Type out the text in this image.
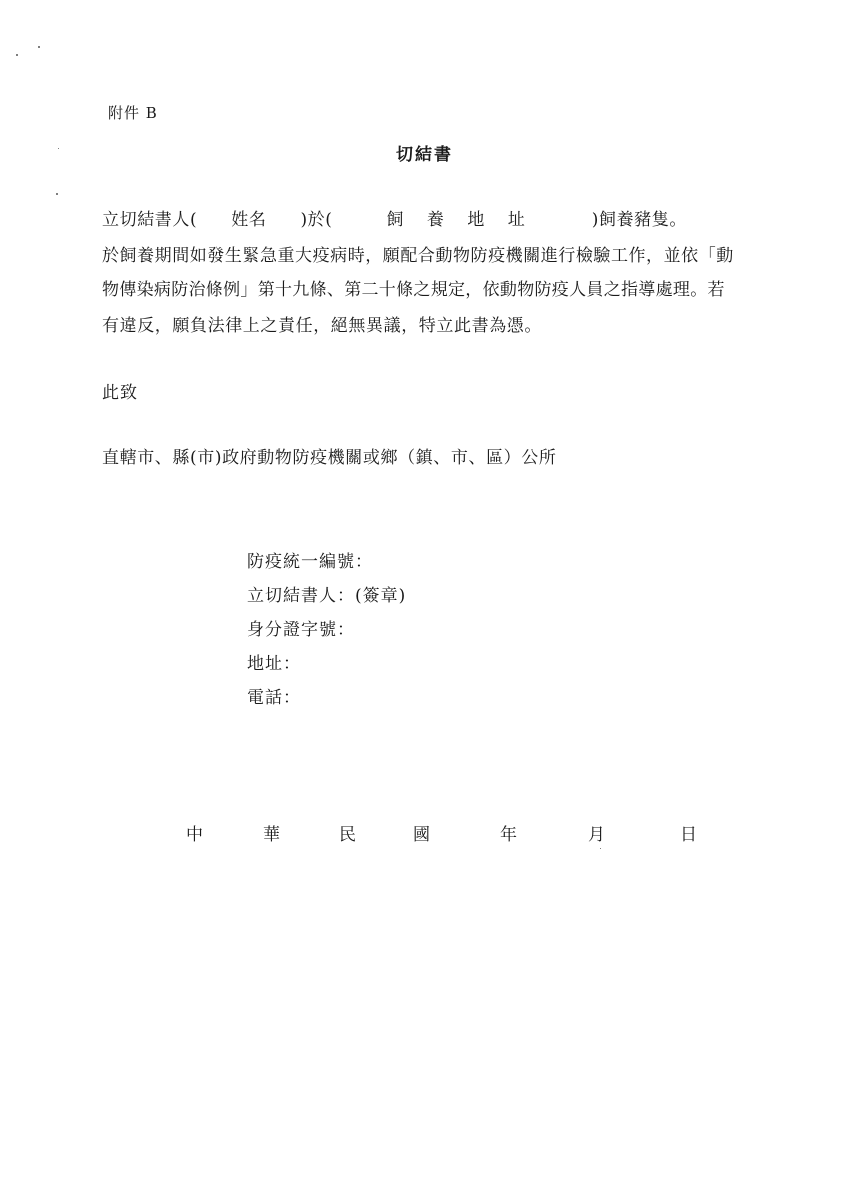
附件 B
切結書
立切結書人( 姓名 )於(	飼 養 地 址	)飼養豬隻。
於飼養期間如發生緊急重大疫病時，願配合動物防疫機關進行檢驗工作，並依「動
物傳染病防治條例」第十九條、第二十條之規定，依動物防疫人員之指導處理。若
有違反，願負法律上之責任，絕無異議，特立此書為憑。
此致
直轄市、縣(市)政府動物防疫機關或鄉（鎮、市、區）公所
防疫統一編號：
立切結書人：(簽章)
身分證字號：
地址：
電話：
中	華	民	國	年	月	日
